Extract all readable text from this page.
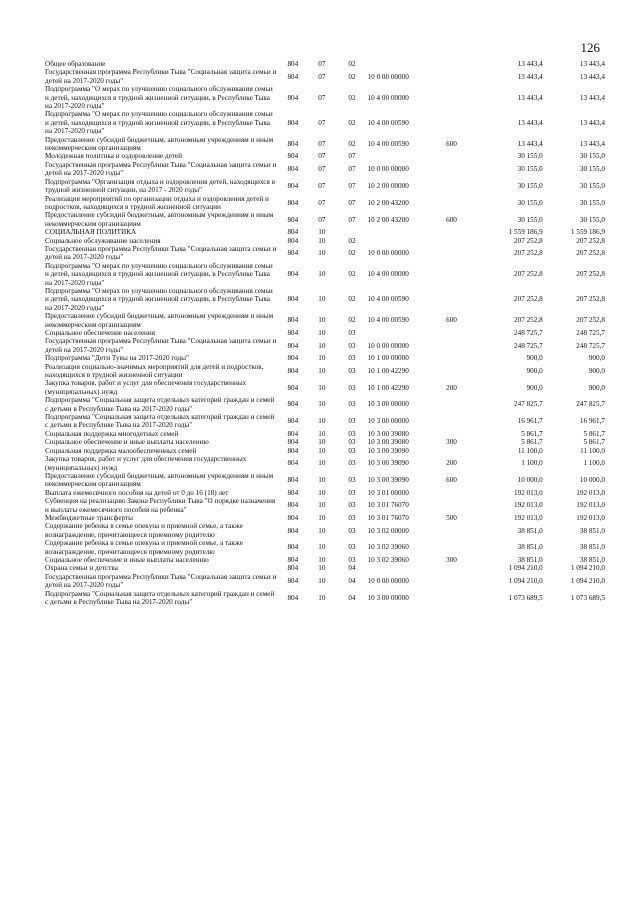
126
Общее образование	804	07	02			13 443,4	13 443,4
Государственная программа Республики Тыва "Социальная защита семьи и детей на 2017-2020 годы"	804	07	02	10 0 00 00000		13 443,4	13 443,4
Подпрограмма "О мерах по улучшению социального обслуживания семьи и детей, находящихся в трудной жизненной ситуации, в Республике Тыва на 2017-2020 годы"	804	07	02	10 4 00 00000		13 443,4	13 443,4
Подпрограмма "О мерах по улучшению социального обслуживания семьи и детей, находящихся в трудной жизненной ситуации, в Республике Тыва на 2017-2020 годы"	804	07	02	10 4 00 00590		13 443,4	13 443,4
Предоставление субсидий бюджетным, автономным учреждениям и иным некоммерческим организациям	804	07	02	10 4 00 00590	600	13 443,4	13 443,4
Молодежная политика и оздоровление детей	804	07	07			30 155,0	30 155,0
Государственная программа Республики Тыва "Социальная защита семьи и детей на 2017-2020 годы"	804	07	07	10 0 00 00000		30 155,0	30 155,0
Подпрограмма "Организация отдыха и оздоровления детей, находящихся в трудной жизненной ситуации, на 2017 - 2020 годы"	804	07	07	10 2 00 00000		30 155,0	30 155,0
Реализация мероприятий по организации отдыха и оздоровления детей и подростков, находящихся в трудной жизненной ситуации	804	07	07	10 2 00 43200		30 155,0	30 155,0
Предоставление субсидий бюджетным, автономным учреждениям и иным некоммерческим организациям	804	07	07	10 2 00 43200	600	30 155,0	30 155,0
СОЦИАЛЬНАЯ ПОЛИТИКА	804	10				1 559 186,9	1 559 186,9
Социальное обслуживание населения	804	10	02			207 252,8	207 252,8
Государственная программа Республики Тыва "Социальная защита семьи и детей на 2017-2020 годы"	804	10	02	10 0 00 00000		207 252,8	207 252,8
Подпрограмма "О мерах по улучшению социального обслуживания семьи и детей, находящихся в трудной жизненной ситуации, в Республике Тыва на 2017-2020 годы"	804	10	02	10 4 00 00000		207 252,8	207 252,8
Подпрограмма "О мерах по улучшению социального обслуживания семьи и детей, находящихся в трудной жизненной ситуации, в Республике Тыва на 2017-2020 годы"	804	10	02	10 4 00 00590		207 252,8	207 252,8
Предоставление субсидий бюджетным, автономным учреждениям и иным некоммерческим организациям	804	10	02	10 4 00 00590	600	207 252,8	207 252,8
Социальное обеспечение населения	804	10	03			248 725,7	248 725,7
Государственная программа Республики Тыва "Социальная защита семьи и детей на 2017-2020 годы"	804	10	03	10 0 00 00000		248 725,7	248 725,7
Подпрограмма "Дети Тувы на 2017-2020 годы"	804	10	03	10 1 00 00000		900,0	900,0
Реализация социально-значимых мероприятий для детей и подростков, находящихся в трудной жизненной ситуации	804	10	03	10 1 00 42290		900,0	900,0
Закупка товаров, работ и услуг для обеспечения государственных (муниципальных) нужд	804	10	03	10 1 00 42290	200	900,0	900,0
Подпрограмма "Социальная защита отдельных категорий граждан и семей с детьми в Республике Тыва на 2017-2020 годы"	804	10	03	10 3 00 00000		247 825,7	247 825,7
Подпрограмма "Социальная защита отдельных категорий граждан и семей с детьми в Республике Тыва на 2017-2020 годы"	804	10	03	10 3 00 00000		16 961,7	16 961,7
Социальная поддержка многодетных семей	804	10	03	10 3 00 39080		5 861,7	5 861,7
Социальное обеспечение и иные выплаты населению	804	10	03	10 3 00 39080	300	5 861,7	5 861,7
Социальная поддержка малообеспеченных семей	804	10	03	10 3 00 39090		11 100,0	11 100,0
Закупка товаров, работ и услуг для обеспечения государственных (муниципальных) нужд	804	10	03	10 3 00 39090	200	1 100,0	1 100,0
Предоставление субсидий бюджетным, автономным учреждениям и иным некоммерческим организациям	804	10	03	10 3 00 39090	600	10 000,0	10 000,0
Выплата ежемесячного пособия на детей от 0 до 16 (18) лет	804	10	03	10 3 01 00000		192 013,0	192 013,0
Субвенция на реализацию Закона Республики Тыва "О порядке назначения и выплаты ежемесячного пособия на ребенка"	804	10	03	10 3 01 76070		192 013,0	192 013,0
Межбюджетные трансферты	804	10	03	10 3 01 76070	500	192 013,0	192 013,0
Содержание ребенка в семье опекуна и приемной семье, а также вознаграждение, причитающееся приемному родителю	804	10	03	10 3 02 00000		38 851,0	38 851,0
Содержание ребенка в семье опекуна и приемной семье, а также вознаграждение, причитающееся приемному родителю	804	10	03	10 3 02 39060		38 851,0	38 851,0
Социальное обеспечение и иные выплаты населению	804	10	03	10 3 02 39060	300	38 851,0	38 851,0
Охрана семьи и детства	804	10	04			1 094 210,0	1 094 210,0
Государственная программа Республики Тыва "Социальная защита семьи и детей на 2017-2020 годы"	804	10	04	10 0 00 00000		1 094 210,0	1 094 210,0
Подпрограмма "Социальная защита отдельных категорий граждан и семей с детьми в Республике Тыва на 2017-2020 годы"	804	10	04	10 3 00 00000		1 073 689,5	1 073 689,5
